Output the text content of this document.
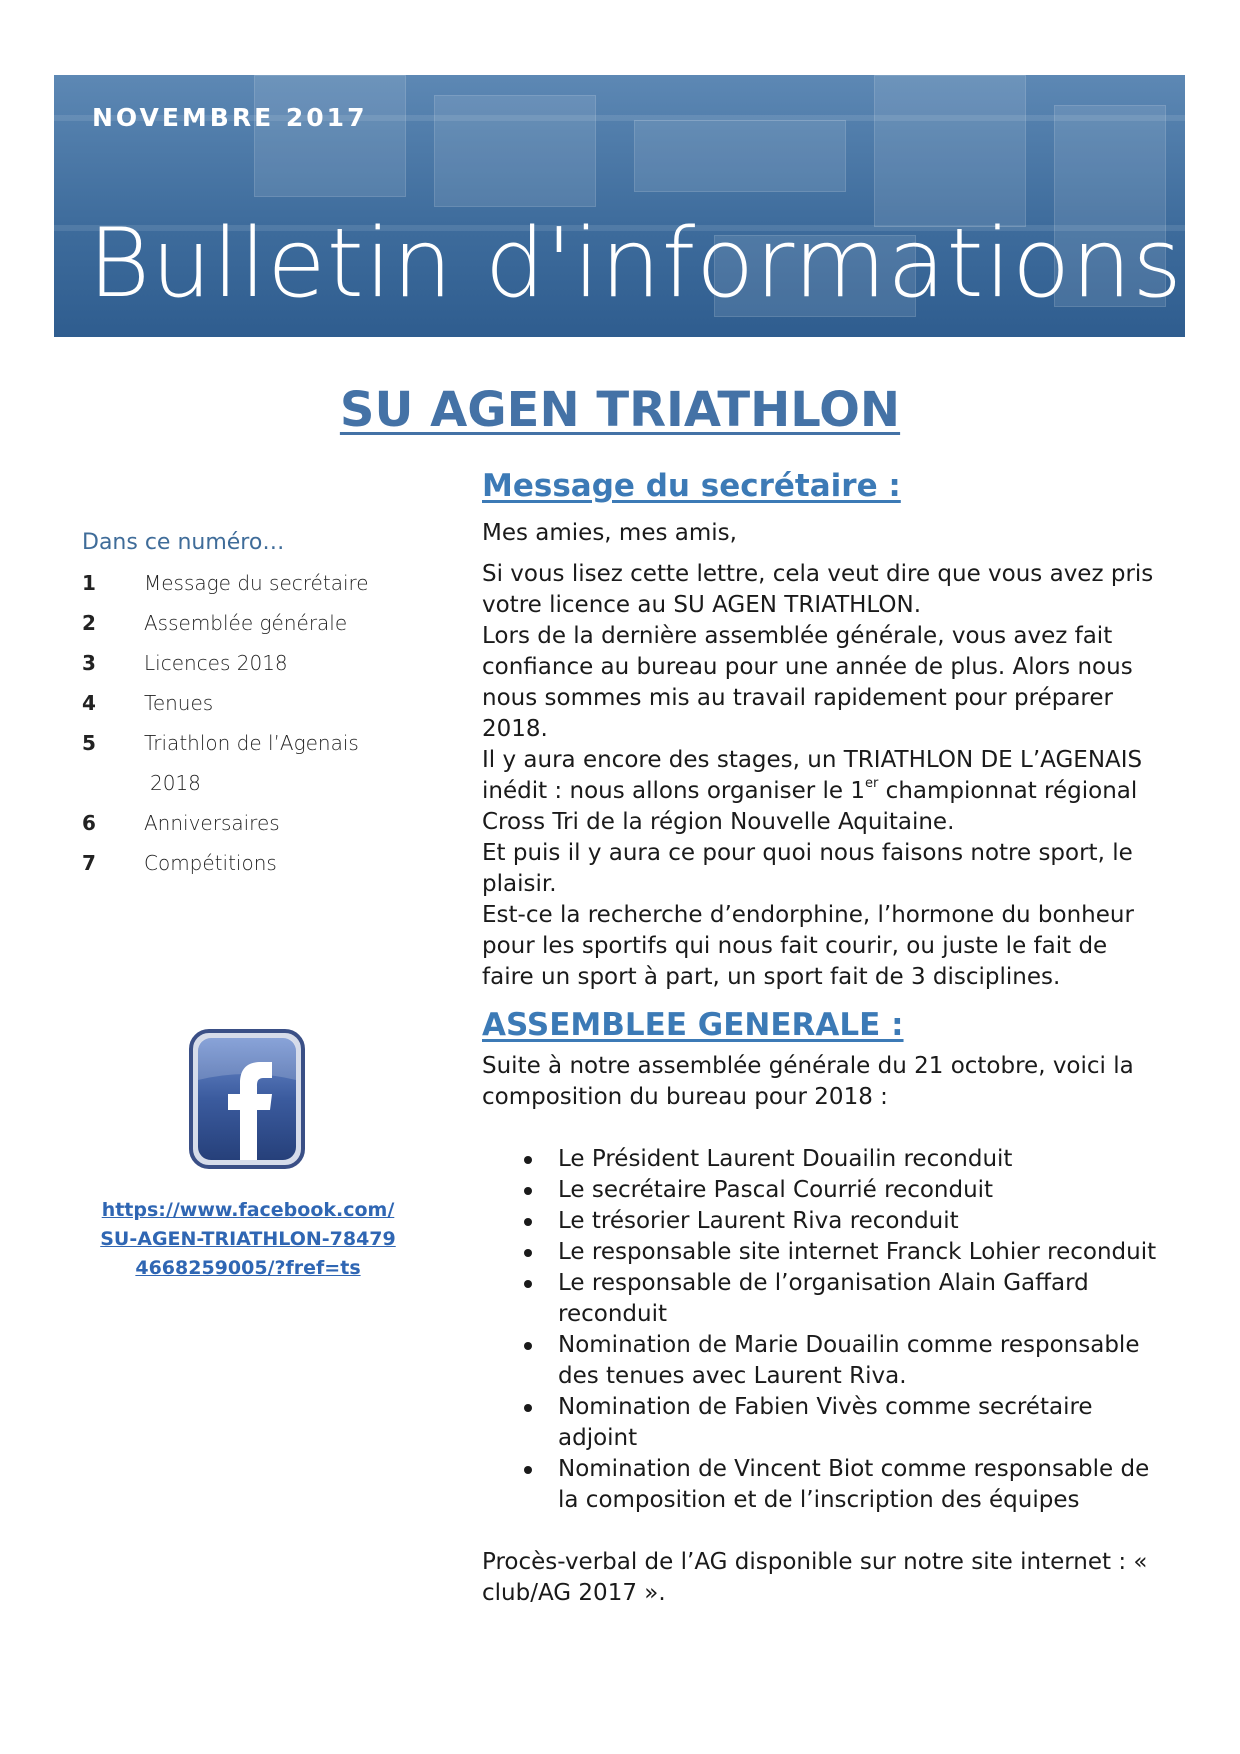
NOVEMBRE 2017
Bulletin d'informations
SU AGEN TRIATHLON
Dans ce numéro…
1	Message du secrétaire
2	Assemblée générale
3	Licences 2018
4	Tenues
5	Triathlon de l’Agenais
2018
6	Anniversaires
7	Compétitions
https://www.facebook.com/SU-AGEN-TRIATHLON-784794668259005/?fref=ts
Message du secrétaire :

Mes amies, mes amis,

Si vous lisez cette lettre, cela veut dire que vous avez pris votre licence au SU AGEN TRIATHLON.

Lors de la dernière assemblée générale, vous avez fait confiance au bureau pour une année de plus. Alors nous nous sommes mis au travail rapidement pour préparer 2018.

Il y aura encore des stages, un TRIATHLON DE L’AGENAIS inédit : nous allons organiser le 1er championnat régional Cross Tri de la région Nouvelle Aquitaine.

Et puis il y aura ce pour quoi nous faisons notre sport, le plaisir.

Est-ce la recherche d’endorphine, l’hormone du bonheur pour les sportifs qui nous fait courir, ou juste le fait de faire un sport à part, un sport fait de 3 disciplines.

ASSEMBLEE GENERALE :

Suite à notre assemblée générale du 21 octobre, voici la composition du bureau pour 2018 :

Le Président Laurent Douailin reconduit
Le secrétaire Pascal Courrié reconduit
Le trésorier Laurent Riva reconduit
Le responsable site internet Franck Lohier reconduit
Le responsable de l’organisation Alain Gaffard reconduit
Nomination de Marie Douailin comme responsable des tenues avec Laurent Riva.
Nomination de Fabien Vivès comme secrétaire adjoint
Nomination de Vincent Biot comme responsable de la composition et de l’inscription des équipes

Procès-verbal de l’AG disponible sur notre site internet : « club/AG 2017 ».
